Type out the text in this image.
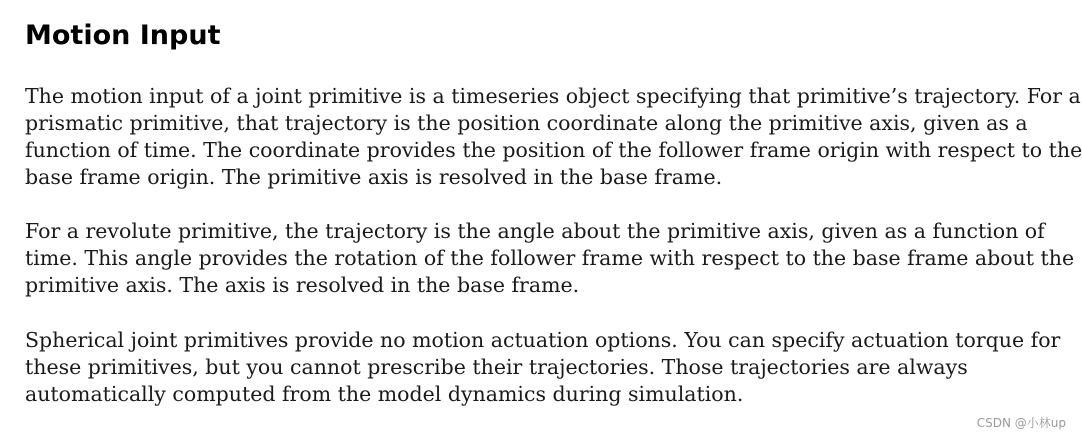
Motion Input

The motion input of a joint primitive is a timeseries object specifying that primitive’s trajectory. For a
prismatic primitive, that trajectory is the position coordinate along the primitive axis, given as a
function of time. The coordinate provides the position of the follower frame origin with respect to the
base frame origin. The primitive axis is resolved in the base frame.

For a revolute primitive, the trajectory is the angle about the primitive axis, given as a function of
time. This angle provides the rotation of the follower frame with respect to the base frame about the
primitive axis. The axis is resolved in the base frame.

Spherical joint primitives provide no motion actuation options. You can specify actuation torque for
these primitives, but you cannot prescribe their trajectories. Those trajectories are always
automatically computed from the model dynamics during simulation.

CSDN @小林up
